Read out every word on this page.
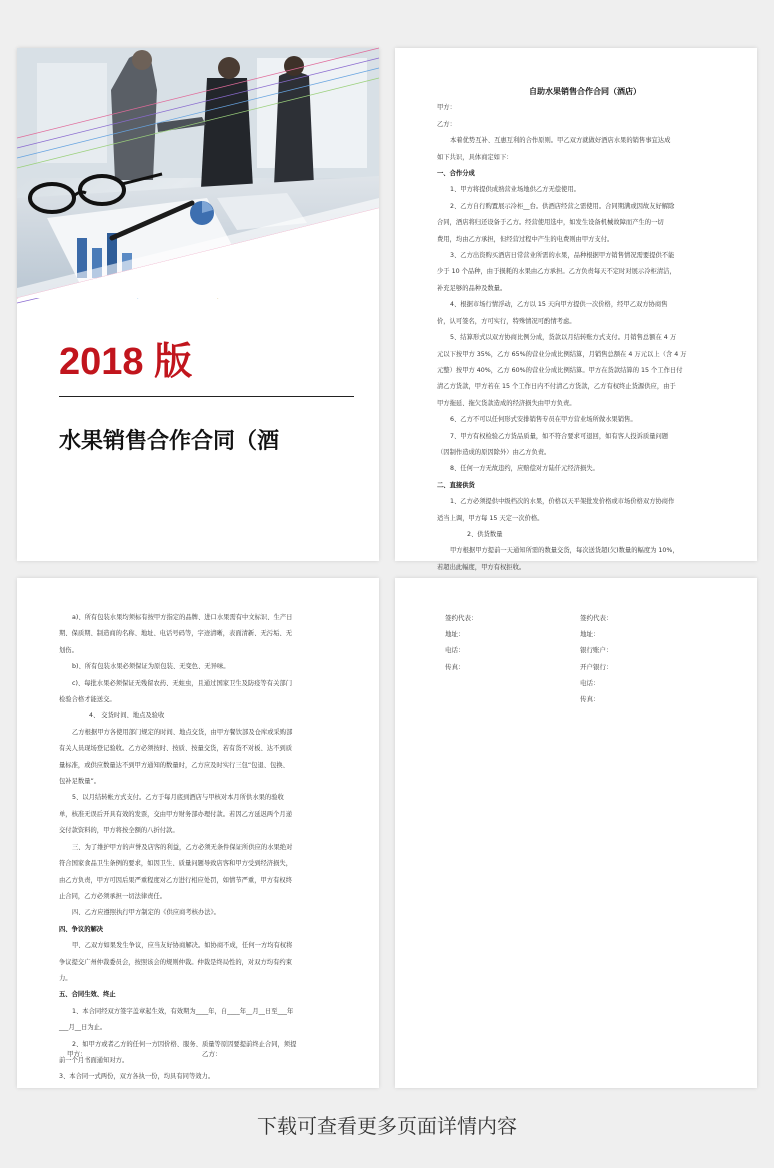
2018 版
水果销售合作合同（酒

自助水果销售合作合同（酒店）

甲方：

乙方：

本着优势互补、互惠互利的合作原则。甲乙双方就做好酒店水果的销售事宜达成

如下共识，具体商定如下：

一、合作分成

1、甲方将提供成熟营业场地供乙方无偿使用。

2、乙方自行购置展示冷柜__台。供酒店经营之需使用。合同期满或因故友好解除

合同，酒店将归还设备于乙方。经营使用选中，如发生设备机械故障而产生的一切

费用，均由乙方承担，但经营过程中产生的电费则由甲方支付。

3、乙方出资购买酒店日常营业所需的水果，品种根据甲方销售情况需要提供不能

少于 10 个品种，由于损耗的水果由乙方承担。乙方负责每天不定时对展示冷柜清洁，

补充足够的品种及数量。

4、根据市场行情浮动，乙方以 15 天向甲方提供一次价格，经甲乙双方协商售

价，认可签名，方可实行，特殊情况可酌情考虑。

5、结算形式以双方协商比例分成，货款以月结转账方式支付。月销售总额在 4 万

元以下按甲方 35%，乙方 65%的营业分成比例结算，月销售总额在 4 万元以上（含 4 万

元整）按甲方 40%，乙方 60%的营业分成比例结算。甲方在货款结算的 15 个工作日付

清乙方货款，甲方若在 15 个工作日内不付清乙方货款，乙方有权终止货源供应，由于

甲方拖延、拖欠货款造成的经济损失由甲方负责。

6、乙方不可以任何形式安排销售专员在甲方营业场所做水果销售。

7、甲方有权检验乙方货品质量，如不符合要求可退回，如有客人投诉质量问题

（因制作造成的原因除外）由乙方负责。

8、任何一方无故违约，应赔偿对方陆仟元经济损失。

二、直接供货

1、乙方必须提供中级档次的水果，价格以天平架批发价格或市场价格双方协商作

适当上调，甲方每 15 天定一次价格。

2、供货数量

甲方根据甲方提前一天通知所需的数量交货，每次送货超(欠)数量的幅度为 10%，

若超出此幅度，甲方有权拒收。

a)、所有包装水果均须标有按甲方指定的品牌、进口水果需有中文标识、生产日

期、保质期、制造商的名称、地址、电话号码等，字迹清晰，表面清新、无污垢、无

划伤。

b)、所有包装水果必须保证为原包装、无变色、无异味。

c)、每批水果必须保证无残留农药、无蛀虫，且通过国家卫生及防疫等有关部门

检验合格才能送交。

4、 交货时间、地点及验收

乙方根据甲方各使用部门规定的时间、地点交货，由甲方餐饮部及仓库或采购部

有关人员现场登记验收。乙方必须按时、按质、按量交货，若有货不对板、达不到质

量标准，或供应数量达不到甲方通知的数量时，乙方应及时实行三包“包退、包换、

包补足数量”。

5、以月结转帐方式支付。乙方于每月底到酒店与甲核对本月所供水果的验收

单，核准无误后开具有效的发票，交由甲方财务部办理付款。若因乙方延迟两个月递

交付款资料的，甲方将按全额的八折付款。

三、为了维护甲方的声誉及店客的利益，乙方必须无条件保证所供应的水果绝对

符合国家食品卫生条例的要求，如因卫生、质量问题导致店客和甲方受到经济损失，

由乙方负责，甲方可因后果严重程度对乙方进行相应处罚，如情节严重，甲方有权终

止合同，乙方必须承担一切法律责任。

四、乙方应遵照执行甲方制定的《供应商考核办法》。

四、争议的解决

甲、乙双方如果发生争议，应当友好协商解决。如协商不成，任何一方均有权将

争议提交广州仲裁委员会，按照该会的规则仲裁。仲裁是终局性的，对双方均有约束

力。

五、合同生效、终止

1、本合同经双方签字盖章起生效，有效期为____年，自____年__月__日至___年

___月__日为止。

2、如甲方或者乙方的任何一方因价格、服务、质量等原因要提前终止合同，须提

前一个月书面通知对方。

3、本合同一式两份，双方各执一份，均具有同等效力。

甲方：	乙方：

签约代表：

地址：

电话：

传真：

签约代表：

地址：

银行账户：

开户银行：

电话：

传真：

下载可查看更多页面详情内容
